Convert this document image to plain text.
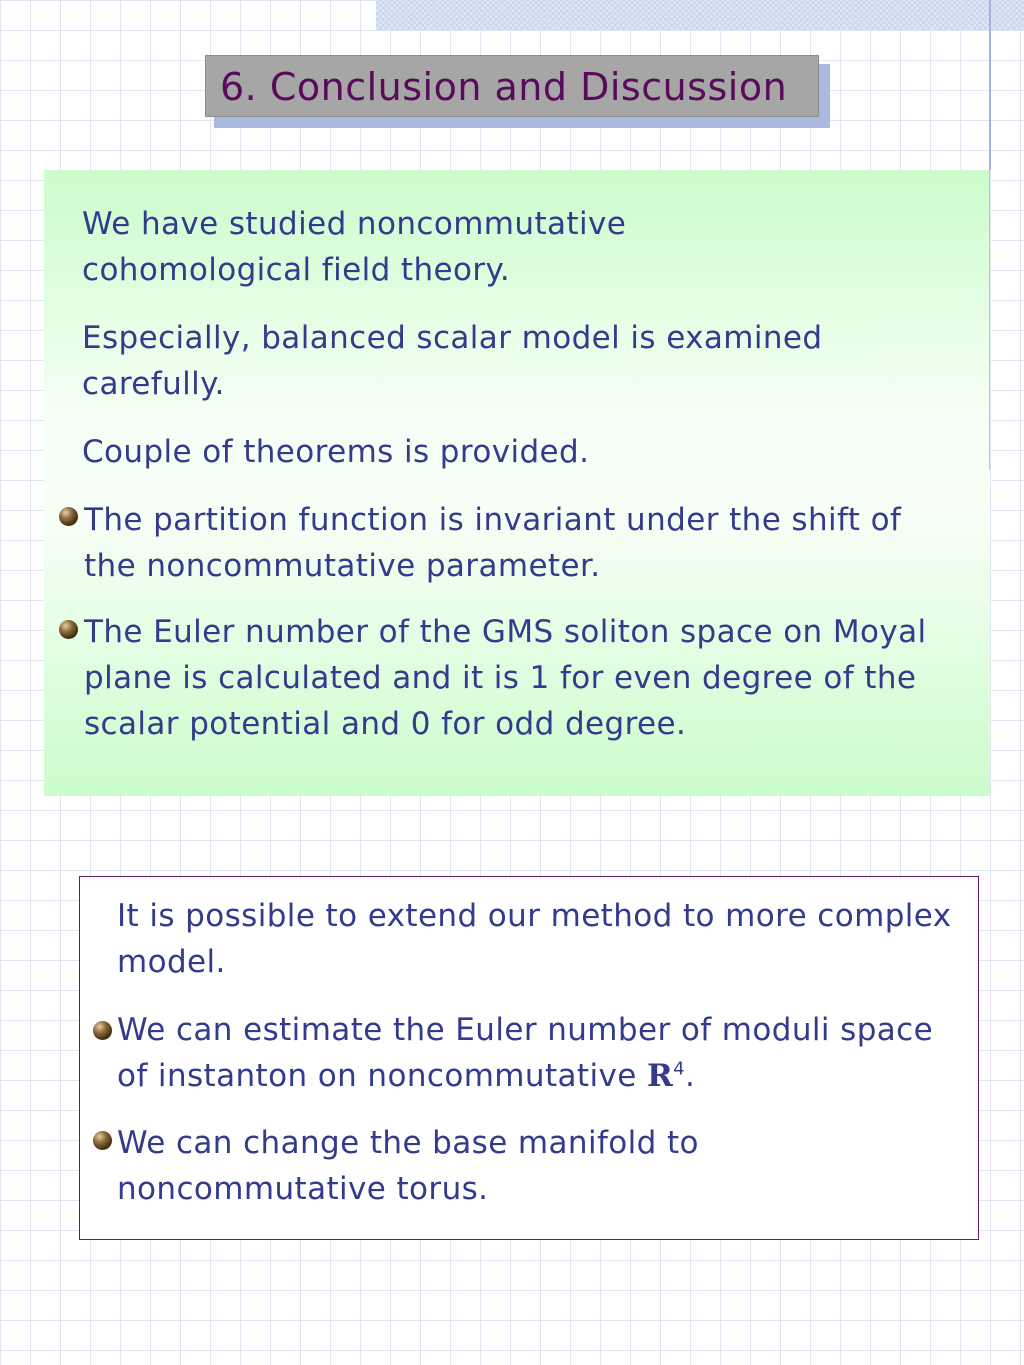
6. Conclusion and Discussion

We have studied noncommutative cohomological field theory.

Especially, balanced scalar model is examined carefully.

Couple of theorems is provided.

The partition function is invariant under the shift of the noncommutative parameter.

The Euler number of the GMS soliton space on Moyal plane is calculated and it is 1 for even degree of the scalar potential and 0 for odd degree.

It is possible to extend our method to more complex model.

We can estimate the Euler number of moduli space of instanton on noncommutative $R^4$.

We can change the base manifold to noncommutative torus.
